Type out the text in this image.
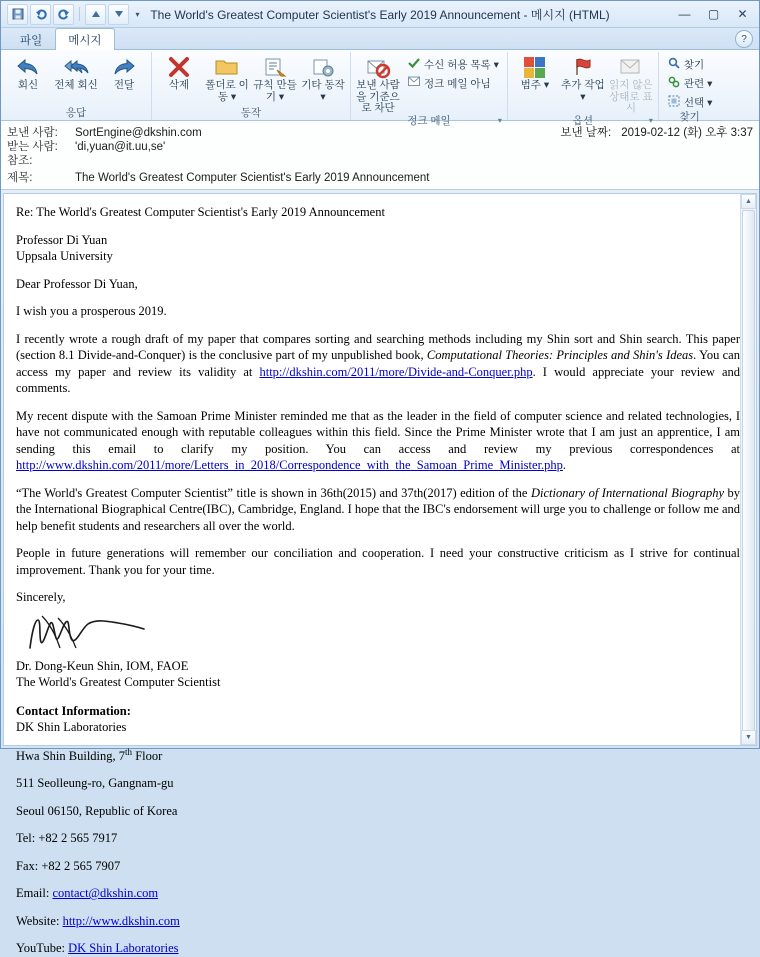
▾ The World's Greatest Computer Scientist's Early 2019 Announcement - 메시지 (HTML)	—	▢	✕
파일	메시지	?
회신 전체 회신 전달
응답
삭제 폴더로 이동 ▾
규칙 만들기 ▾
기타 동작 ▾
동작
보낸 사람을 기준으로 차단
수신 허용 목록 ▾
정크 메일 아님
정크 메일	▾
범주 ▾ 추가 작업 ▾
읽지 않은 상태로 표시
옵션	▾
찾기
관련 ▾
선택 ▾
찾기
보낸 사람:	SortEngine@dkshin.com	보낸 날짜: 2019-02-12 (화) 오후 3:37
받는 사람:	'di,yuan@it.uu,se'
참조:
제목:	The World's Greatest Computer Scientist's Early 2019 Announcement

Re: The World's Greatest Computer Scientist's Early 2019 Announcement

Professor Di Yuan
Uppsala University

Dear Professor Di Yuan,

I wish you a prosperous 2019.

I recently wrote a rough draft of my paper that compares sorting and searching methods including my Shin sort and Shin search. This paper (section 8.1 Divide-and-Conquer) is the conclusive part of my unpublished book, Computational Theories: Principles and Shin's Ideas. You can access my paper and review its validity at http://dkshin.com/2011/more/Divide-and-Conquer.php. I would appreciate your review and comments.

My recent dispute with the Samoan Prime Minister reminded me that as the leader in the field of computer science and related technologies, I have not communicated enough with reputable colleagues within this field. Since the Prime Minister wrote that I am just an apprentice, I am sending this email to clarify my position. You can access and review my previous correspondences at http://www.dkshin.com/2011/more/Letters_in_2018/Correspondence_with_the_Samoan_Prime_Minister.php.

“The World's Greatest Computer Scientist” title is shown in 36th(2015) and 37th(2017) edition of the Dictionary of International Biography by the International Biographical Centre(IBC), Cambridge, England. I hope that the IBC's endorsement will urge you to challenge or follow me and help benefit students and researchers all over the world.

People in future generations will remember our conciliation and cooperation. I need your constructive criticism as I strive for continual improvement. Thank you for your time.

Sincerely,

Dr. Dong-Keun Shin, IOM, FAOE
The World's Greatest Computer Scientist

Contact Information:

DK Shin Laboratories

Hwa Shin Building, 7th Floor

511 Seolleung-ro, Gangnam-gu

Seoul 06150, Republic of Korea

Tel: +82 2 565 7917

Fax: +82 2 565 7907

Email: contact@dkshin.com

Website: http://www.dkshin.com

YouTube: DK Shin Laboratories

▲
▼
